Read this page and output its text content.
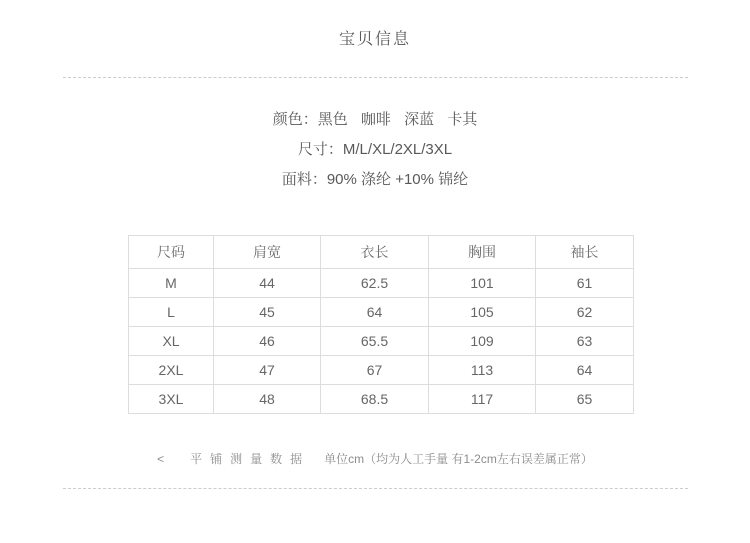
宝贝信息
颜色：黑色 咖啡 深蓝 卡其
尺寸：M/L/XL/2XL/3XL
面料：90% 涤纶 +10% 锦纶
尺码	肩宽	衣长	胸围	袖长
M	44	62.5	101	61
L	45	64	105	62
XL	46	65.5	109	63
2XL	47	67	113	64
3XL	48	68.5	117	65
< 平铺测量数据 单位cm（均为人工手量 有1-2cm左右误差属正常）
